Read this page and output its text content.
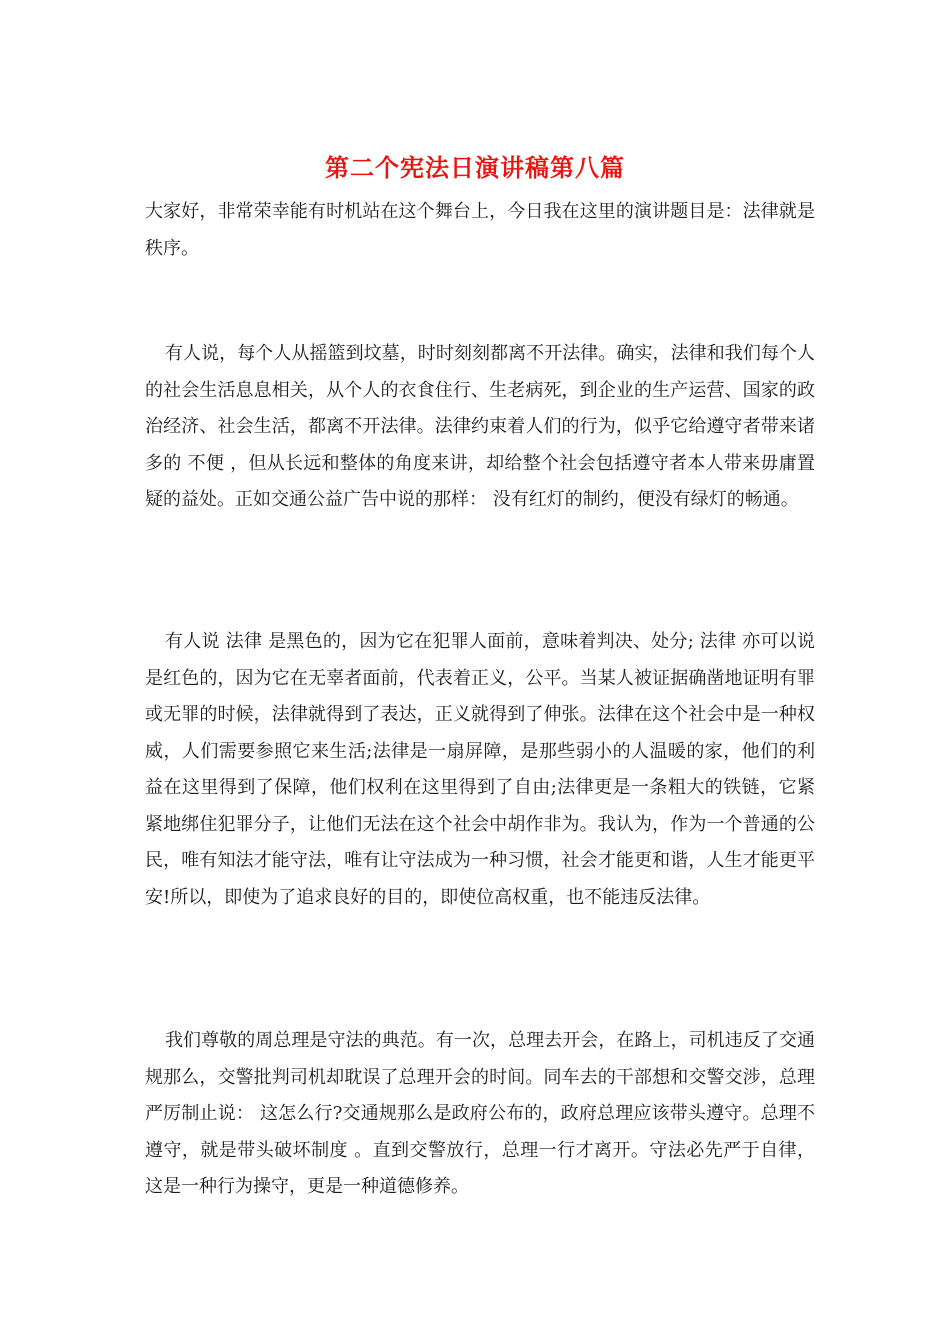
第二个宪法日演讲稿第八篇

大家好，非常荣幸能有时机站在这个舞台上，今日我在这里的演讲题目是：法律就是秩序。

有人说，每个人从摇篮到坟墓，时时刻刻都离不开法律。确实，法律和我们每个人的社会生活息息相关，从个人的衣食住行、生老病死，到企业的生产运营、国家的政治经济、社会生活，都离不开法律。法律约束着人们的行为，似乎它给遵守者带来诸多的 不便 ，但从长远和整体的角度来讲，却给整个社会包括遵守者本人带来毋庸置疑的益处。正如交通公益广告中说的那样： 没有红灯的制约，便没有绿灯的畅通。

有人说 法律 是黑色的，因为它在犯罪人面前，意味着判决、处分; 法律 亦可以说是红色的，因为它在无辜者面前，代表着正义，公平。当某人被证据确凿地证明有罪或无罪的时候，法律就得到了表达，正义就得到了伸张。法律在这个社会中是一种权威，人们需要参照它来生活;法律是一扇屏障，是那些弱小的人温暖的家，他们的利益在这里得到了保障，他们权利在这里得到了自由;法律更是一条粗大的铁链，它紧紧地绑住犯罪分子，让他们无法在这个社会中胡作非为。我认为，作为一个普通的公民，唯有知法才能守法，唯有让守法成为一种习惯，社会才能更和谐，人生才能更平安!所以，即使为了追求良好的目的，即使位高权重，也不能违反法律。

我们尊敬的周总理是守法的典范。有一次，总理去开会，在路上，司机违反了交通规那么，交警批判司机却耽误了总理开会的时间。同车去的干部想和交警交涉，总理严厉制止说： 这怎么行?交通规那么是政府公布的，政府总理应该带头遵守。总理不遵守，就是带头破坏制度 。直到交警放行，总理一行才离开。守法必先严于自律，这是一种行为操守，更是一种道德修养。
